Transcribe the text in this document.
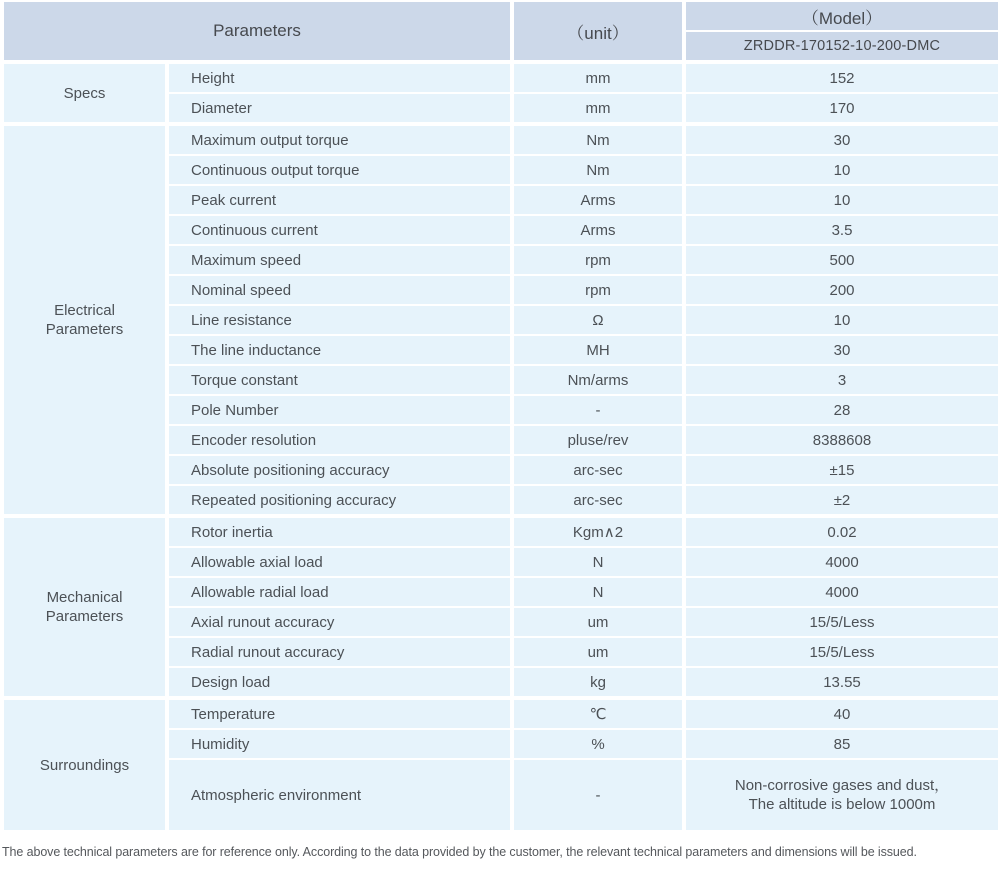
Parameters		（unit）	（Model）
			ZRDDR-170152-10-200-DMC
Specs	Height	mm	152
	Diameter	mm	170
Electrical Parameters	Maximum output torque	Nm	30
	Continuous output torque	Nm	10
	Peak current	Arms	10
	Continuous current	Arms	3.5
	Maximum speed	rpm	500
	Nominal speed	rpm	200
	Line resistance	Ω	10
	The line inductance	MH	30
	Torque constant	Nm/arms	3
	Pole Number	-	28
	Encoder resolution	pluse/rev	8388608
	Absolute positioning accuracy	arc-sec	±15
	Repeated positioning accuracy	arc-sec	±2
Mechanical Parameters	Rotor inertia	Kgm∧2	0.02
	Allowable axial load	N	4000
	Allowable radial load	N	4000
	Axial runout accuracy	um	15/5/Less
	Radial runout accuracy	um	15/5/Less
	Design load	kg	13.55
Surroundings	Temperature	℃	40
	Humidity	%	85
	Atmospheric environment	-	Non-corrosive gases and dust，
The altitude is below 1000m
The above technical parameters are for reference only. According to the data provided by the customer, the relevant technical parameters and dimensions will be issued.
